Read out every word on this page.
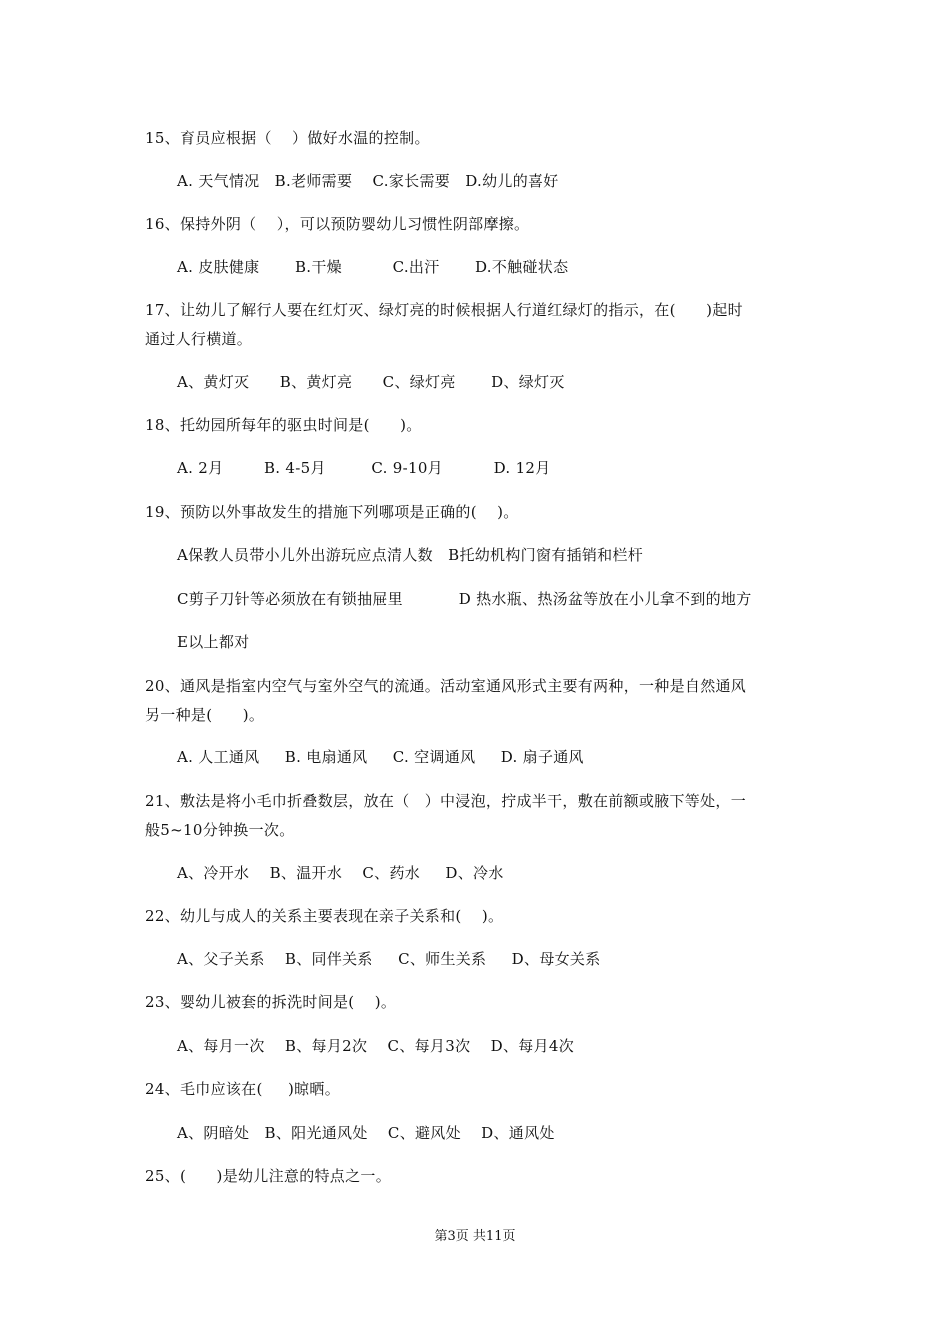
15、育员应根据（    ）做好水温的控制。
A. 天气情况   B.老师需要    C.家长需要   D.幼儿的喜好
16、保持外阴（    ），可以预防婴幼儿习惯性阴部摩擦。
A. 皮肤健康       B.干燥          C.出汗       D.不触碰状态
17、让幼儿了解行人要在红灯灭、绿灯亮的时候根据人行道红绿灯的指示，在(      )起时
通过人行横道。
A、黄灯灭      B、黄灯亮      C、绿灯亮       D、绿灯灭
18、托幼园所每年的驱虫时间是(      )。
A. 2月        B. 4-5月         C. 9-10月          D. 12月
19、预防以外事故发生的措施下列哪项是正确的(    )。
A保教人员带小儿外出游玩应点清人数   B托幼机构门窗有插销和栏杆
C剪子刀针等必须放在有锁抽屉里           D 热水瓶、热汤盆等放在小儿拿不到的地方
E以上都对
20、通风是指室内空气与室外空气的流通。活动室通风形式主要有两种，一种是自然通风
另一种是(      )。
A. 人工通风     B. 电扇通风     C. 空调通风     D. 扇子通风
21、敷法是将小毛巾折叠数层，放在（   ）中浸泡，拧成半干，敷在前额或腋下等处，一
般5~10分钟换一次。
A、冷开水    B、温开水    C、药水     D、冷水
22、幼儿与成人的关系主要表现在亲子关系和(    )。
A、父子关系    B、同伴关系     C、师生关系     D、母女关系
23、婴幼儿被套的拆洗时间是(    )。
A、每月一次    B、每月2次    C、每月3次    D、每月4次
24、毛巾应该在(     )晾晒。
A、阴暗处   B、阳光通风处    C、避风处    D、通风处
25、(      )是幼儿注意的特点之一。
第3页 共11页
